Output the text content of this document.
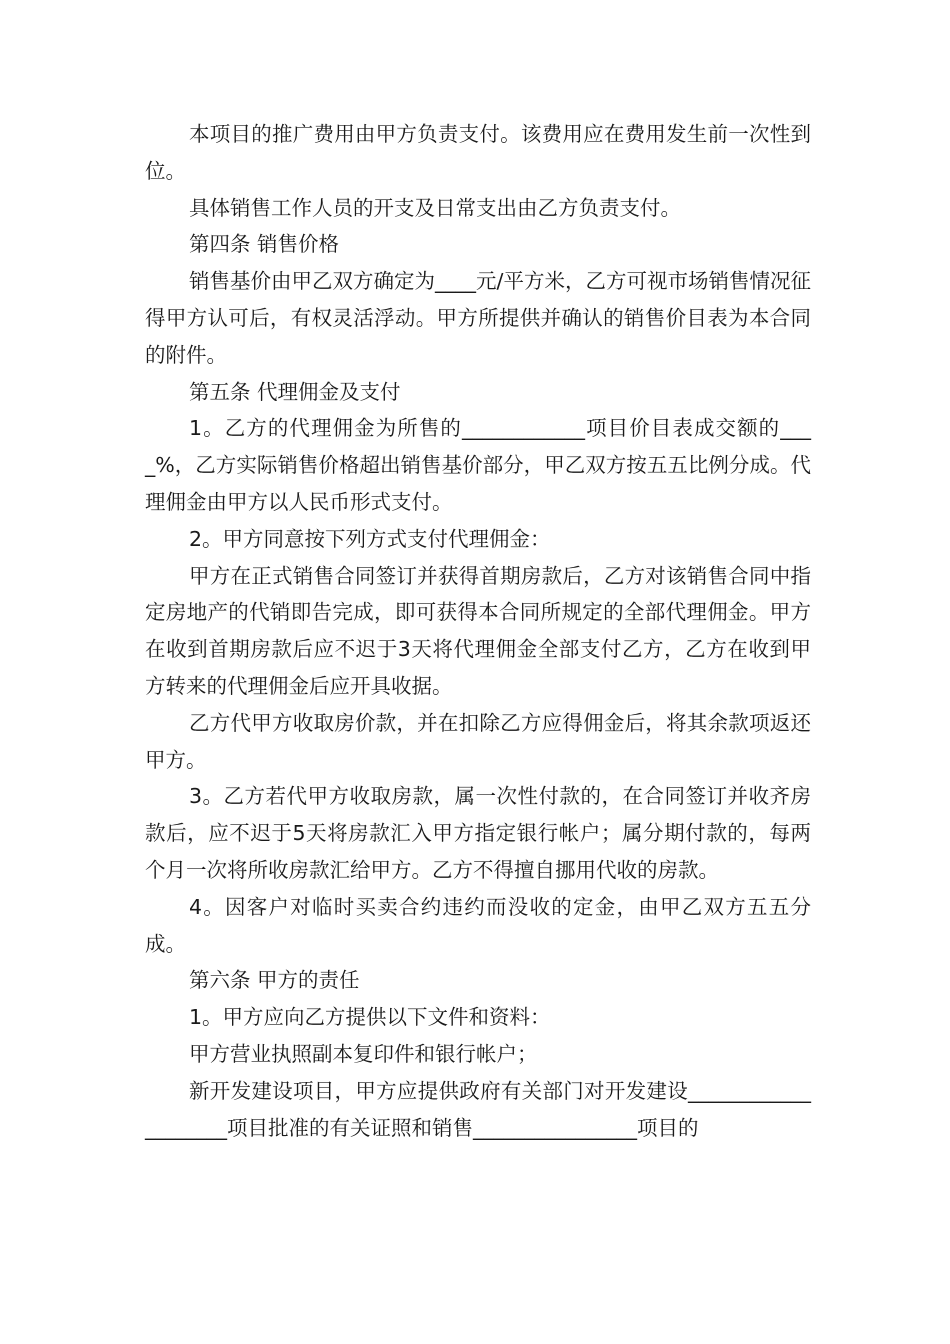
本项目的推广费用由甲方负责支付。该费用应在费用发生前一次性到位。

具体销售工作人员的开支及日常支出由乙方负责支付。

第四条 销售价格

销售基价由甲乙双方确定为____元/平方米，乙方可视市场销售情况征得甲方认可后，有权灵活浮动。甲方所提供并确认的销售价目表为本合同的附件。

第五条 代理佣金及支付

1。乙方的代理佣金为所售的____________项目价目表成交额的____%，乙方实际销售价格超出销售基价部分，甲乙双方按五五比例分成。代理佣金由甲方以人民币形式支付。

2。甲方同意按下列方式支付代理佣金：

甲方在正式销售合同签订并获得首期房款后，乙方对该销售合同中指定房地产的代销即告完成，即可获得本合同所规定的全部代理佣金。甲方在收到首期房款后应不迟于3天将代理佣金全部支付乙方，乙方在收到甲方转来的代理佣金后应开具收据。

乙方代甲方收取房价款，并在扣除乙方应得佣金后，将其余款项返还甲方。

3。乙方若代甲方收取房款，属一次性付款的，在合同签订并收齐房款后，应不迟于5天将房款汇入甲方指定银行帐户；属分期付款的，每两个月一次将所收房款汇给甲方。乙方不得擅自挪用代收的房款。

4。因客户对临时买卖合约违约而没收的定金，由甲乙双方五五分成。

第六条 甲方的责任

1。甲方应向乙方提供以下文件和资料：

甲方营业执照副本复印件和银行帐户；

新开发建设项目，甲方应提供政府有关部门对开发建设____________________项目批准的有关证照和销售________________项目的
